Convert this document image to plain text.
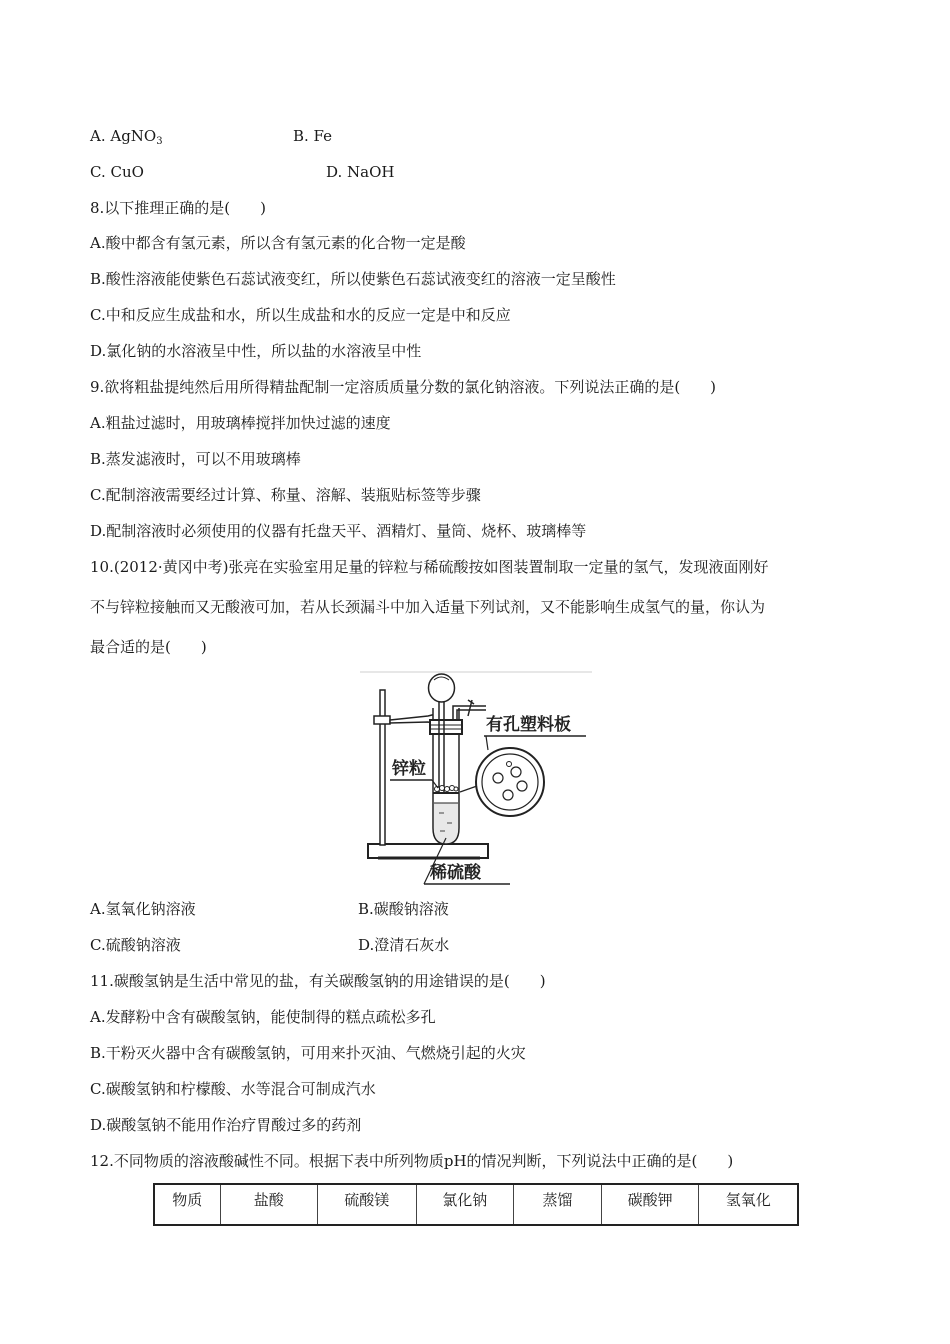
A. AgNO$_3$	B. Fe
C. CuO	D. NaOH
8.以下推理正确的是(　　)
A.酸中都含有氢元素，所以含有氢元素的化合物一定是酸
B.酸性溶液能使紫色石蕊试液变红，所以使紫色石蕊试液变红的溶液一定呈酸性
C.中和反应生成盐和水，所以生成盐和水的反应一定是中和反应
D.氯化钠的水溶液呈中性，所以盐的水溶液呈中性
9.欲将粗盐提纯然后用所得精盐配制一定溶质质量分数的氯化钠溶液。下列说法正确的是(　　)
A.粗盐过滤时，用玻璃棒搅拌加快过滤的速度
B.蒸发滤液时，可以不用玻璃棒
C.配制溶液需要经过计算、称量、溶解、装瓶贴标签等步骤
D.配制溶液时必须使用的仪器有托盘天平、酒精灯、量筒、烧杯、玻璃棒等
10.(2012·黄冈中考)张亮在实验室用足量的锌粒与稀硫酸按如图装置制取一定量的氢气，发现液面刚好
不与锌粒接触而又无酸液可加，若从长颈漏斗中加入适量下列试剂，又不能影响生成氢气的量，你认为
最合适的是(　　)
有孔塑料板
锌粒
稀硫酸
A.氢氧化钠溶液	B.碳酸钠溶液
C.硫酸钠溶液	D.澄清石灰水
11.碳酸氢钠是生活中常见的盐，有关碳酸氢钠的用途错误的是(　　)
A.发酵粉中含有碳酸氢钠，能使制得的糕点疏松多孔
B.干粉灭火器中含有碳酸氢钠，可用来扑灭油、气燃烧引起的火灾
C.碳酸氢钠和柠檬酸、水等混合可制成汽水
D.碳酸氢钠不能用作治疗胃酸过多的药剂
12.不同物质的溶液酸碱性不同。根据下表中所列物质pH的情况判断，下列说法中正确的是(　　)
物质	盐酸	硫酸镁	氯化钠	蒸馏	碳酸钾	氢氧化
